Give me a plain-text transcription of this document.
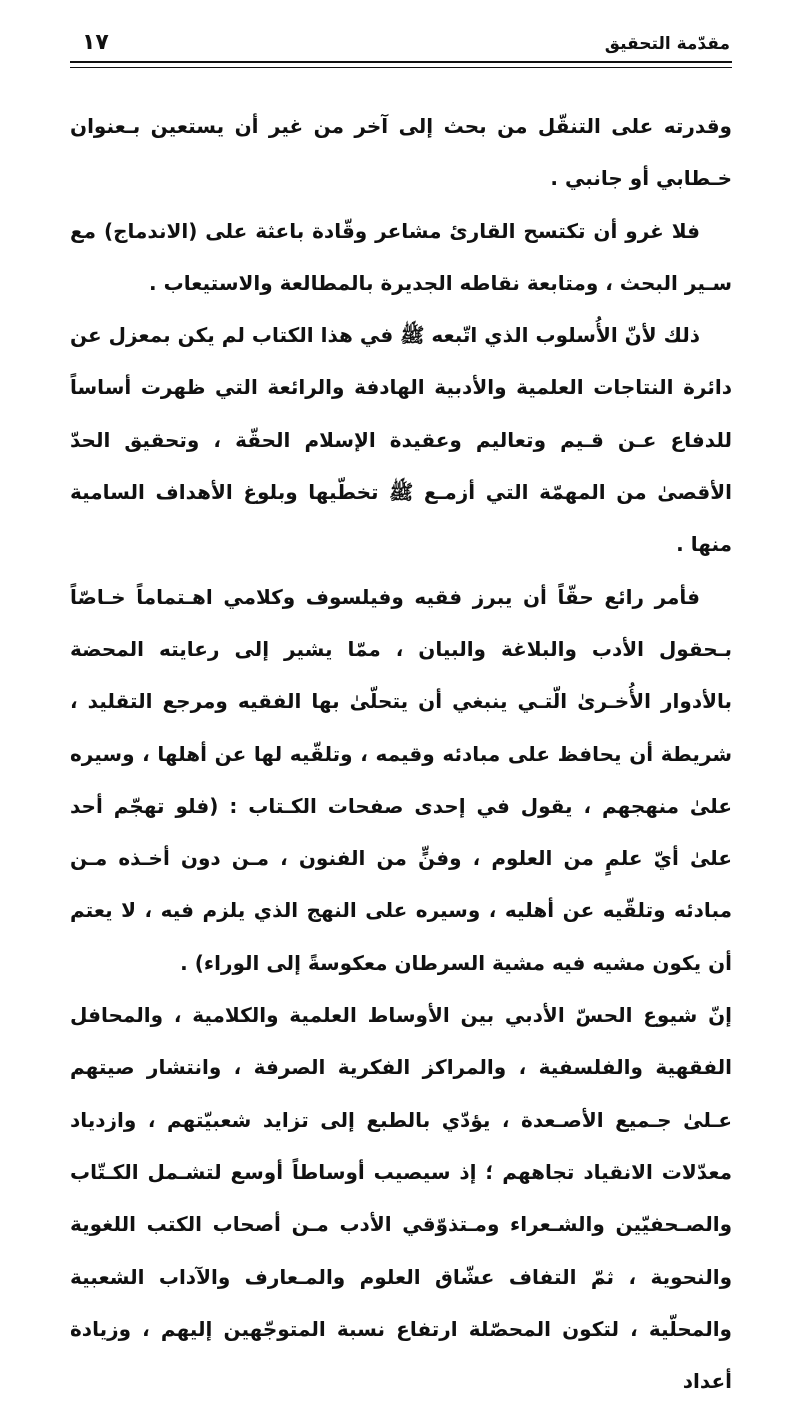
مقدّمة التحقيق
١٧

وقدرته على التنقّل من بحث إلى آخر من غير أن يستعين بـعنوان خـطابي أو جانبي .

فلا غرو أن تكتسح القارئ مشاعر وقّادة باعثة على (الاندماج) مع سـير البحث ، ومتابعة نقاطه الجديرة بالمطالعة والاستيعاب .

ذلك لأنّ الأُسلوب الذي اتّبعه ﷺ في هذا الكتاب لم يكن بمعزل عن دائرة النتاجات العلمية والأدبية الهادفة والرائعة التي ظهرت أساساً للدفاع عـن قـيم وتعاليم وعقيدة الإسلام الحقّة ، وتحقيق الحدّ الأقصىٰ من المهمّة التي أزمـع ﷺ تخطّيها وبلوغ الأهداف السامية منها .

فأمر رائع حقّاً أن يبرز فقيه وفيلسوف وكلامي اهـتماماً خـاصّاً بـحقول الأدب والبلاغة والبيان ، ممّا يشير إلى رعايته المحضة بالأدوار الأُخـرىٰ الّتـي ينبغي أن يتحلّىٰ بها الفقيه ومرجع التقليد ، شريطة أن يحافظ على مبادئه وقيمه ، وتلقّيه لها عن أهلها ، وسيره علىٰ منهجهم ، يقول في إحدى صفحات الكـتاب : (فلو تهجّم أحد علىٰ أيّ علمٍ من العلوم ، وفنٍّ من الفنون ، مـن دون أخـذه مـن مبادئه وتلقّيه عن أهليه ، وسيره على النهج الذي يلزم فيه ، لا يعتم أن يكون مشيه فيه مشية السرطان معكوسةً إلى الوراء) .

إنّ شيوع الحسّ الأدبي بين الأوساط العلمية والكلامية ، والمحافل الفقهية والفلسفية ، والمراكز الفكرية الصرفة ، وانتشار صيتهم عـلىٰ جـميع الأصـعدة ، يؤدّي بالطبع إلى تزايد شعبيّتهم ، وازدياد معدّلات الانقياد تجاههم ؛ إذ سيصيب أوساطاً أوسع لتشـمل الكـتّاب والصـحفيّين والشـعراء ومـتذوّقي الأدب مـن أصحاب الكتب اللغوية والنحوية ، ثمّ التفاف عشّاق العلوم والمـعارف والآداب الشعبية والمحلّية ، لتكون المحصّلة ارتفاع نسبة المتوجّهين إليهم ، وزيادة أعداد
